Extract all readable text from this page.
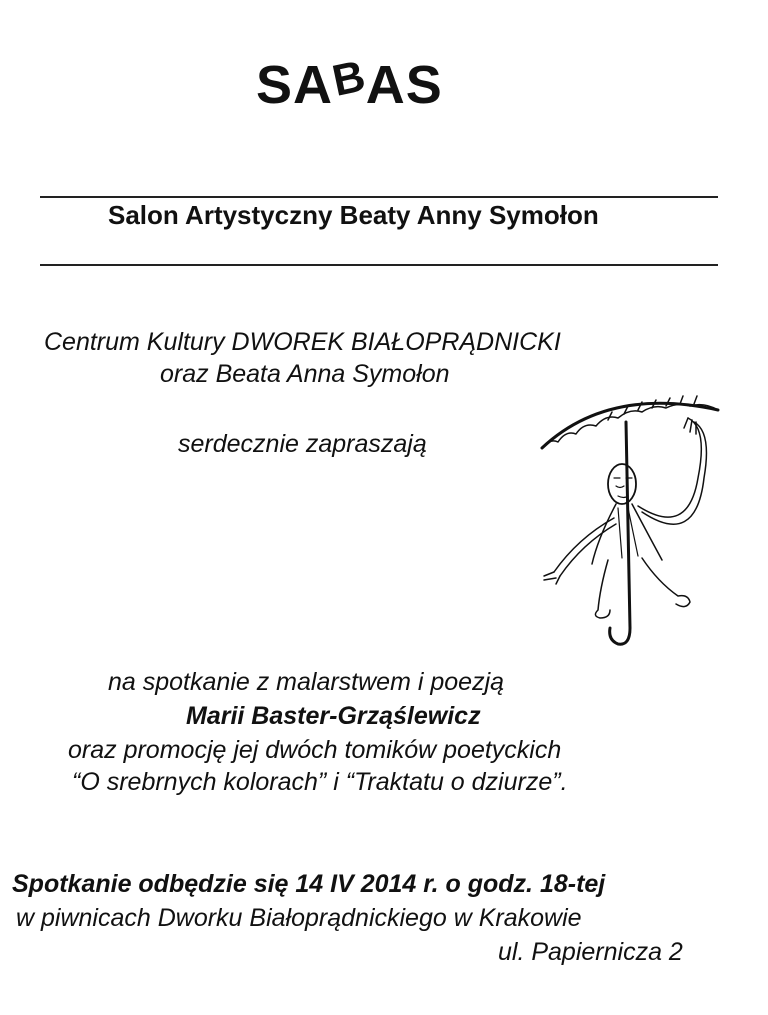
SABAS
Salon Artystyczny Beaty Anny Symołon
Centrum Kultury DWOREK BIAŁOPRĄDNICKI
oraz Beata Anna Symołon
serdecznie zapraszają
na spotkanie z malarstwem i poezją
Marii Baster-Grząślewicz
oraz promocję jej dwóch tomików poetyckich
“O srebrnych kolorach” i “Traktatu o dziurze”.
Spotkanie odbędzie się 14 IV 2014 r. o godz. 18-tej
w piwnicach Dworku Białoprądnickiego w Krakowie
ul. Papiernicza 2
